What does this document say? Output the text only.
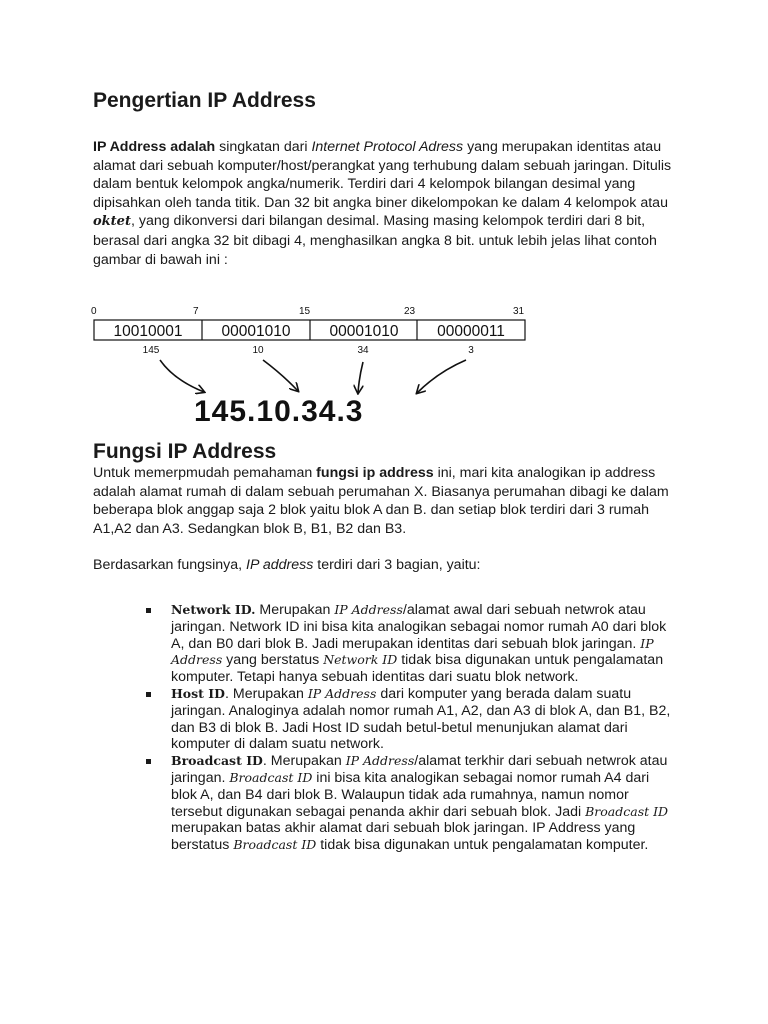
Pengertian IP Address
IP Address adalah singkatan dari Internet Protocol Adress yang merupakan identitas atau alamat dari sebuah komputer/host/perangkat yang terhubung dalam sebuah jaringan. Ditulis dalam bentuk kelompok angka/numerik. Terdiri dari 4 kelompok bilangan desimal yang dipisahkan oleh tanda titik. Dan 32 bit angka biner dikelompokan ke dalam 4 kelompok atau oktet, yang dikonversi dari bilangan desimal. Masing masing kelompok terdiri dari 8 bit, berasal dari angka 32 bit dibagi 4, menghasilkan angka 8 bit. untuk lebih jelas lihat contoh gambar di bawah ini :
0	7	15	23	31
10010001	00001010	00001010 00000011
145	10	34	3
145.10.34.3
Fungsi IP Address
Untuk memerpmudah pemahaman fungsi ip address ini, mari kita analogikan ip address adalah alamat rumah di dalam sebuah perumahan X. Biasanya perumahan dibagi ke dalam beberapa blok anggap saja 2 blok yaitu blok A dan B. dan setiap blok terdiri dari 3 rumah A1,A2 dan A3. Sedangkan blok B, B1, B2 dan B3.
Berdasarkan fungsinya, IP address terdiri dari 3 bagian, yaitu:
Network ID. Merupakan IP Address/alamat awal dari sebuah netwrok atau jaringan. Network ID ini bisa kita analogikan sebagai nomor rumah A0 dari blok A, dan B0 dari blok B. Jadi merupakan identitas dari sebuah blok jaringan. IP Address yang berstatus Network ID tidak bisa digunakan untuk pengalamatan komputer. Tetapi hanya sebuah identitas dari suatu blok network.
Host ID. Merupakan IP Address dari komputer yang berada dalam suatu jaringan. Analoginya adalah nomor rumah A1, A2, dan A3 di blok A, dan B1, B2, dan B3 di blok B. Jadi Host ID sudah betul-betul menunjukan alamat dari komputer di dalam suatu network.
Broadcast ID. Merupakan IP Address/alamat terkhir dari sebuah netwrok atau jaringan. Broadcast ID ini bisa kita analogikan sebagai nomor rumah A4 dari blok A, dan B4 dari blok B. Walaupun tidak ada rumahnya, namun nomor tersebut digunakan sebagai penanda akhir dari sebuah blok. Jadi Broadcast ID merupakan batas akhir alamat dari sebuah blok jaringan. IP Address yang berstatus Broadcast ID tidak bisa digunakan untuk pengalamatan komputer.
